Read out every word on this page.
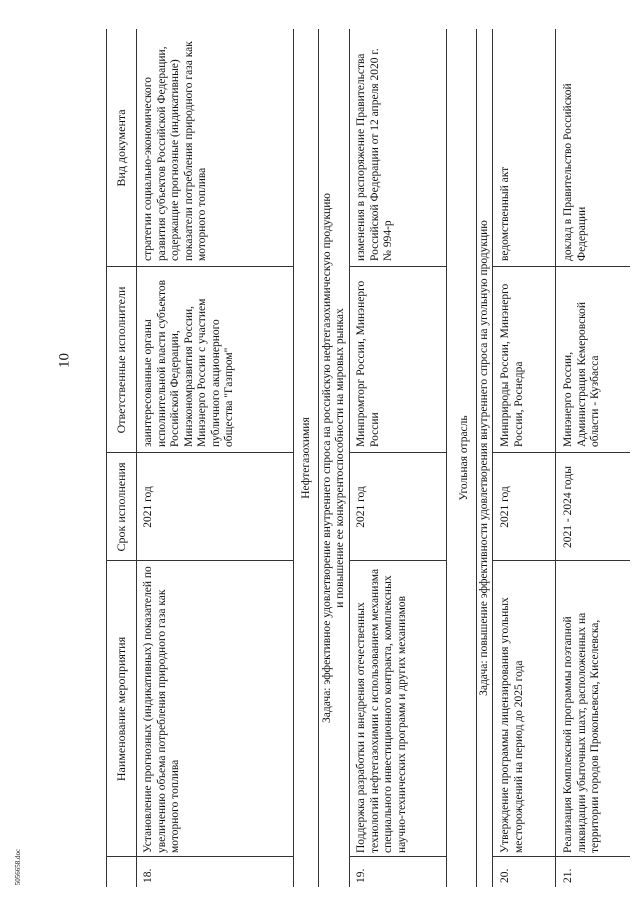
10
5056658.doc
Наименование мероприятия
Срок исполнения
Ответственные исполнители
Вид документа
18.
Установление прогнозных (индикативных) показателей по увеличению объема потребления природного газа как моторного топлива
2021 год
заинтересованные органы исполнительной власти субъектов Российской Федерации, Минэкономразвития России, Минэнерго России с участием публичного акционерного общества "Газпром"
стратегии социально-экономического развития субъектов Российской Федерации, содержащие прогнозные (индикативные) показатели потребления природного газа как моторного топлива
Нефтегазохимия Задача: эффективное удовлетворение внутреннего спроса на российскую нефтегазохимическую продукцию и повышение ее конкурентоспособности на мировых рынках
19.
Поддержка разработки и внедрения отечественных технологий нефтегазохимии с использованием механизма специального инвестиционного контракта, комплексных научно-технических программ и других механизмов
2021 год
Минпромторг России, Минэнерго России
изменения в распоряжение Правительства Российской Федерации от 12 апреля 2020 г. № 994-р
Угольная отрасль Задача: повышение эффективности удовлетворения внутреннего спроса на угольную продукцию
20.
Утверждение программы лицензирования угольных месторождений на период до 2025 года
2021 год
Минприроды России, Минэнерго России, Роснедра
ведомственный акт
21.
Реализация Комплексной программы поэтапной ликвидации убыточных шахт, расположенных на территории городов Прокопьевска, Киселевска,
2021 - 2024 годы
Минэнерго России, Администрация Кемеровской области - Кузбасса
доклад в Правительство Российской Федерации
